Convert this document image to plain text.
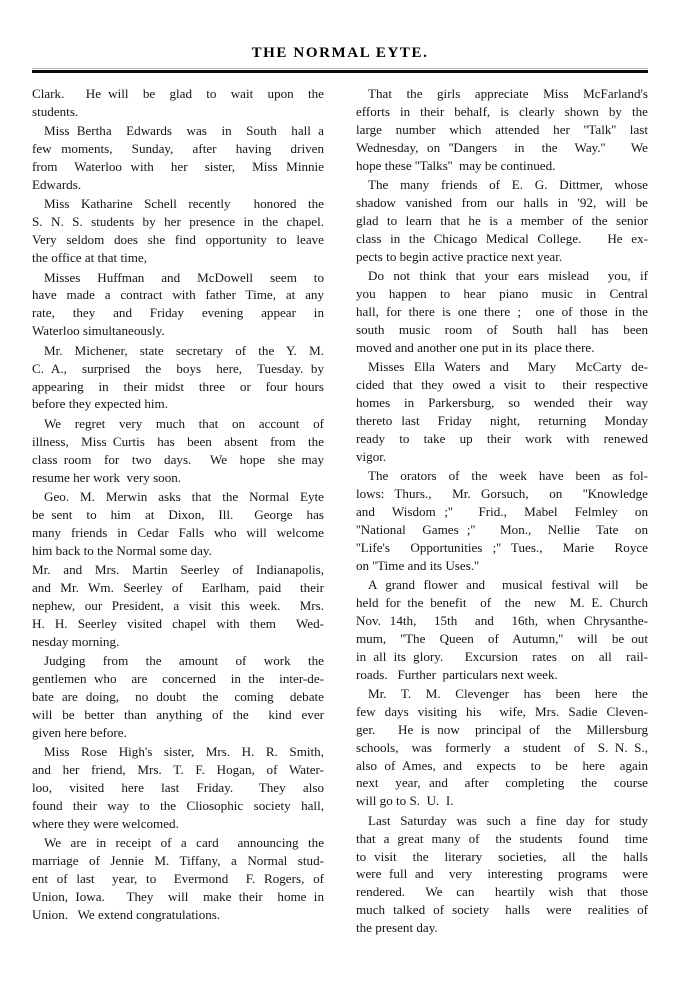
THE NORMAL EYTE.

Clark.   He will  be  glad  to  wait  upon  the
students.

Miss Bertha  Edwards  was  in  South  hall a
few moments,  Sunday,  after  having  driven
from  Waterloo with  her  sister,  Miss Minnie
Edwards.

Miss Katharine Schell recently  honored the
S. N. S. students by her presence in the chapel.
Very seldom does she find opportunity to leave
the office at that time,

Misses  Huffman  and  McDowell  seem  to
have made a contract with father Time, at any
rate,  they  and  Friday  evening  appear  in
Waterloo simultaneously.

Mr. Michener, state secretary of the Y. M.
C. A.,  surprised  the  boys  here,  Tuesday. by
appearing  in  their midst  three  or  four hours
before they expected him.

We  regret  very  much  that  on  account  of
illness,  Miss Curtis  has  been  absent  from  the
class room  for  two  days.   We  hope  she may
resume her work  very soon.

Geo. M. Merwin asks that the Normal Eyte
be sent  to  him  at  Dixon,  Ill.   George  has
many friends in Cedar Falls who will welcome
him back to the Normal some day.

Mr. and Mrs. Martin Seerley of Indianapolis,
and Mr. Wm. Seerley of  Earlham, paid  their
nephew, our President, a visit this week.  Mrs.
H. H. Seerley visited chapel with them  Wed-
nesday morning.

Judging  from  the  amount  of  work  the
gentlemen who  are  concerned  in the  inter-de-
bate are doing,  no doubt  the  coming  debate
will be better than anything of the  kind ever
given here before.

Miss Rose High's sister, Mrs. H. R. Smith,
and her friend, Mrs. T. F. Hogan, of Water-
loo,  visited  here  last  Friday.   They  also
found their way to the Cliosophic society hall,
where they were welcomed.

We are in receipt of a card  announcing the
marriage of Jennie M. Tiffany, a Normal stud-
ent of last  year, to  Evermond  F. Rogers, of
Union, Iowa.   They  will  make their  home in
Union.   We extend congratulations.

That the girls appreciate Miss McFarland's
efforts in their behalf, is clearly shown by the
large number which attended her ''Talk'' last
Wednesday, on ''Dangers  in  the  Way.''   We
hope these ''Talks''  may be continued.

The many friends of E. G. Dittmer, whose
shadow vanished from our halls in '92, will be
glad to learn that he is a member of the senior
class in the Chicago Medical College.   He ex-
pects to begin active practice next year.

Do not think that your ears mislead  you, if
you  happen  to  hear  piano  music  in  Central
hall, for there is one there ;  one of those in the
south  music  room  of  South  hall  has  been
moved and another one put in its  place there.

Misses Ella Waters and  Mary  McCarty de-
cided that they owed a visit to  their respective
homes  in  Parkersburg,  so  wended  their  way
thereto last  Friday  night,  returning  Monday
ready  to  take  up  their  work  with  renewed
vigor.

The  orators  of  the  week  have  been  as fol-
lows: Thurs.,  Mr. Gorsuch,  on  ''Knowledge
and  Wisdom ;''   Frid.,  Mabel  Felmley  on
''National  Games ;''   Mon.,  Nellie  Tate  on
''Life's  Opportunities ;'' Tues.,  Marie  Royce
on ''Time and its Uses.''

A grand flower and  musical festival will  be
held for the benefit  of  the  new  M. E. Church
Nov. 14th,  15th  and  16th, when Chrysanthe-
mum,  ''The  Queen  of  Autumn,''  will  be out
in all its glory.   Excursion  rates  on  all  rail-
roads.   Further  particulars next week.

Mr.  T.  M.  Clevenger  has  been  here  the
few days visiting his  wife, Mrs. Sadie Cleven-
ger.   He is now  principal of  the  Millersburg
schools,  was  formerly  a  student  of  S. N. S.,
also of Ames, and  expects  to  be  here  again
next  year, and  after  completing  the  course
will go to S.  U.  I.

Last Saturday was such a fine day for study
that a great many of  the students  found  time
to visit  the  literary  societies,  all  the  halls
were full and  very  interesting  programs  were
rendered.   We  can   heartily  wish  that  those
much talked of society  halls  were  realities of
the present day.
